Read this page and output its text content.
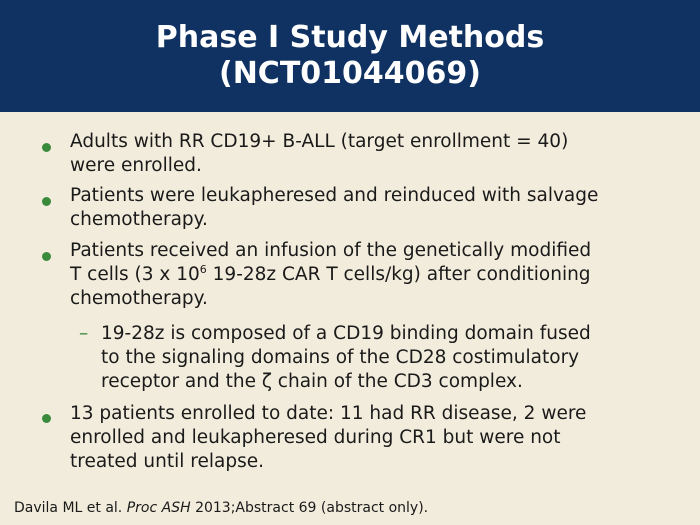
Phase I Study Methods
(NCT01044069)
Adults with RR CD19+ B-ALL (target enrollment = 40)
were enrolled.
Patients were leukapheresed and reinduced with salvage
chemotherapy.
Patients received an infusion of the genetically modified
T cells (3 x $10^6$ 19-28z CAR T cells/kg) after conditioning
chemotherapy.
– 19-28z is composed of a CD19 binding domain fused
to the signaling domains of the CD28 costimulatory
receptor and the ζ chain of the CD3 complex.
13 patients enrolled to date: 11 had RR disease, 2 were
enrolled and leukapheresed during CR1 but were not
treated until relapse.
Davila ML et al. Proc ASH 2013;Abstract 69 (abstract only).
